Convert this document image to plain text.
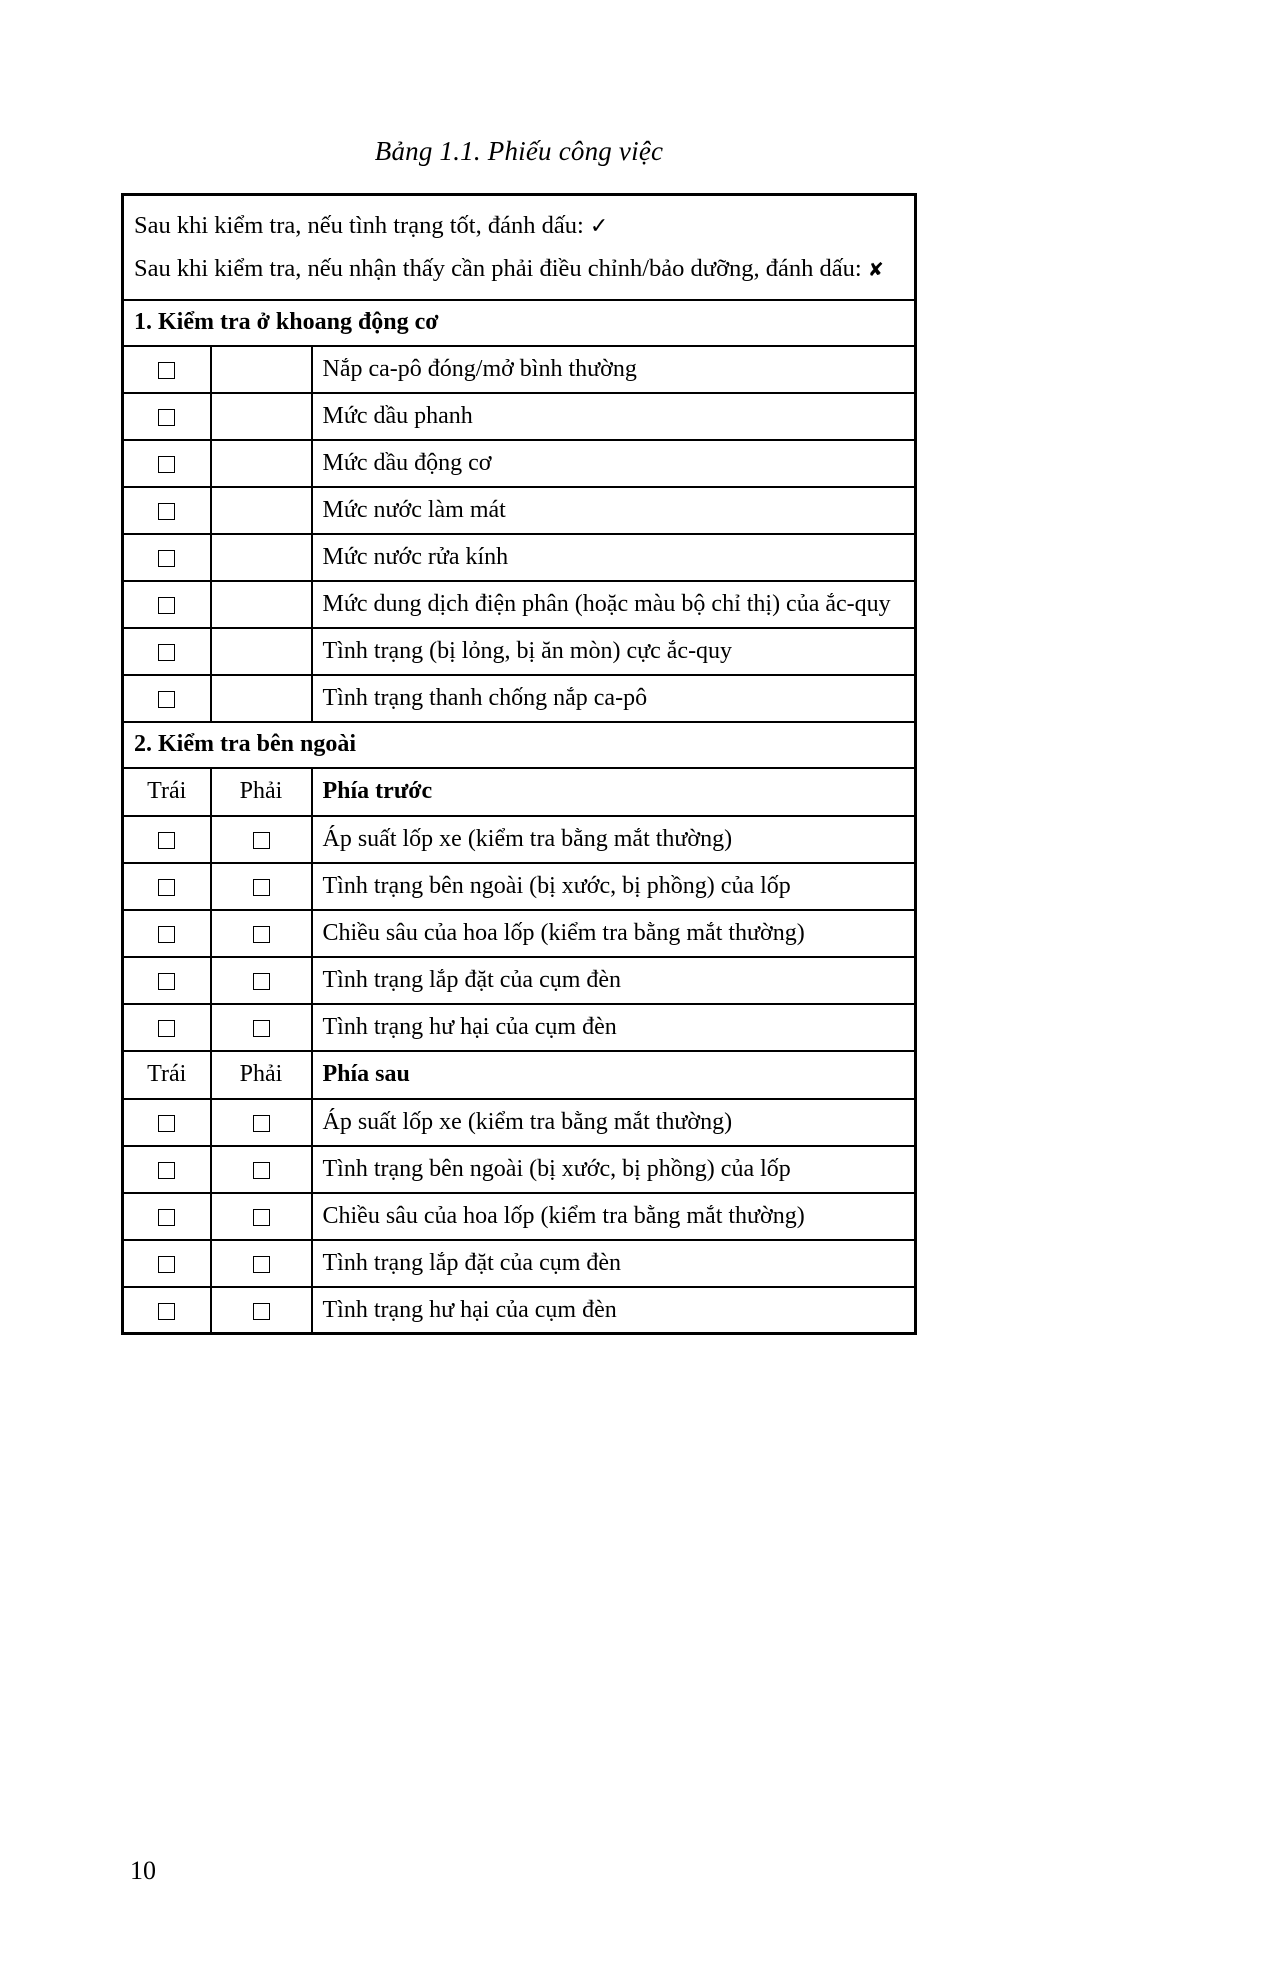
Bảng 1.1. Phiếu công việc

Sau khi kiểm tra, nếu tình trạng tốt, đánh dấu: ✓

Sau khi kiểm tra, nếu nhận thấy cần phải điều chỉnh/bảo dưỡng, đánh dấu: ✘		

1. Kiểm tra ở khoang động cơ		
		Nắp ca-pô đóng/mở bình thường
		Mức dầu phanh
		Mức dầu động cơ
		Mức nước làm mát
		Mức nước rửa kính
		Mức dung dịch điện phân (hoặc màu bộ chỉ thị) của ắc-quy
		Tình trạng (bị lỏng, bị ăn mòn) cực ắc-quy
		Tình trạng thanh chống nắp ca-pô
2. Kiểm tra bên ngoài		
Trái	Phải	Phía trước
		Áp suất lốp xe (kiểm tra bằng mắt thường)
		Tình trạng bên ngoài (bị xước, bị phồng) của lốp
		Chiều sâu của hoa lốp (kiểm tra bằng mắt thường)
		Tình trạng lắp đặt của cụm đèn
		Tình trạng hư hại của cụm đèn
Trái	Phải	Phía sau
		Áp suất lốp xe (kiểm tra bằng mắt thường)
		Tình trạng bên ngoài (bị xước, bị phồng) của lốp
		Chiều sâu của hoa lốp (kiểm tra bằng mắt thường)
		Tình trạng lắp đặt của cụm đèn
		Tình trạng hư hại của cụm đèn
10
